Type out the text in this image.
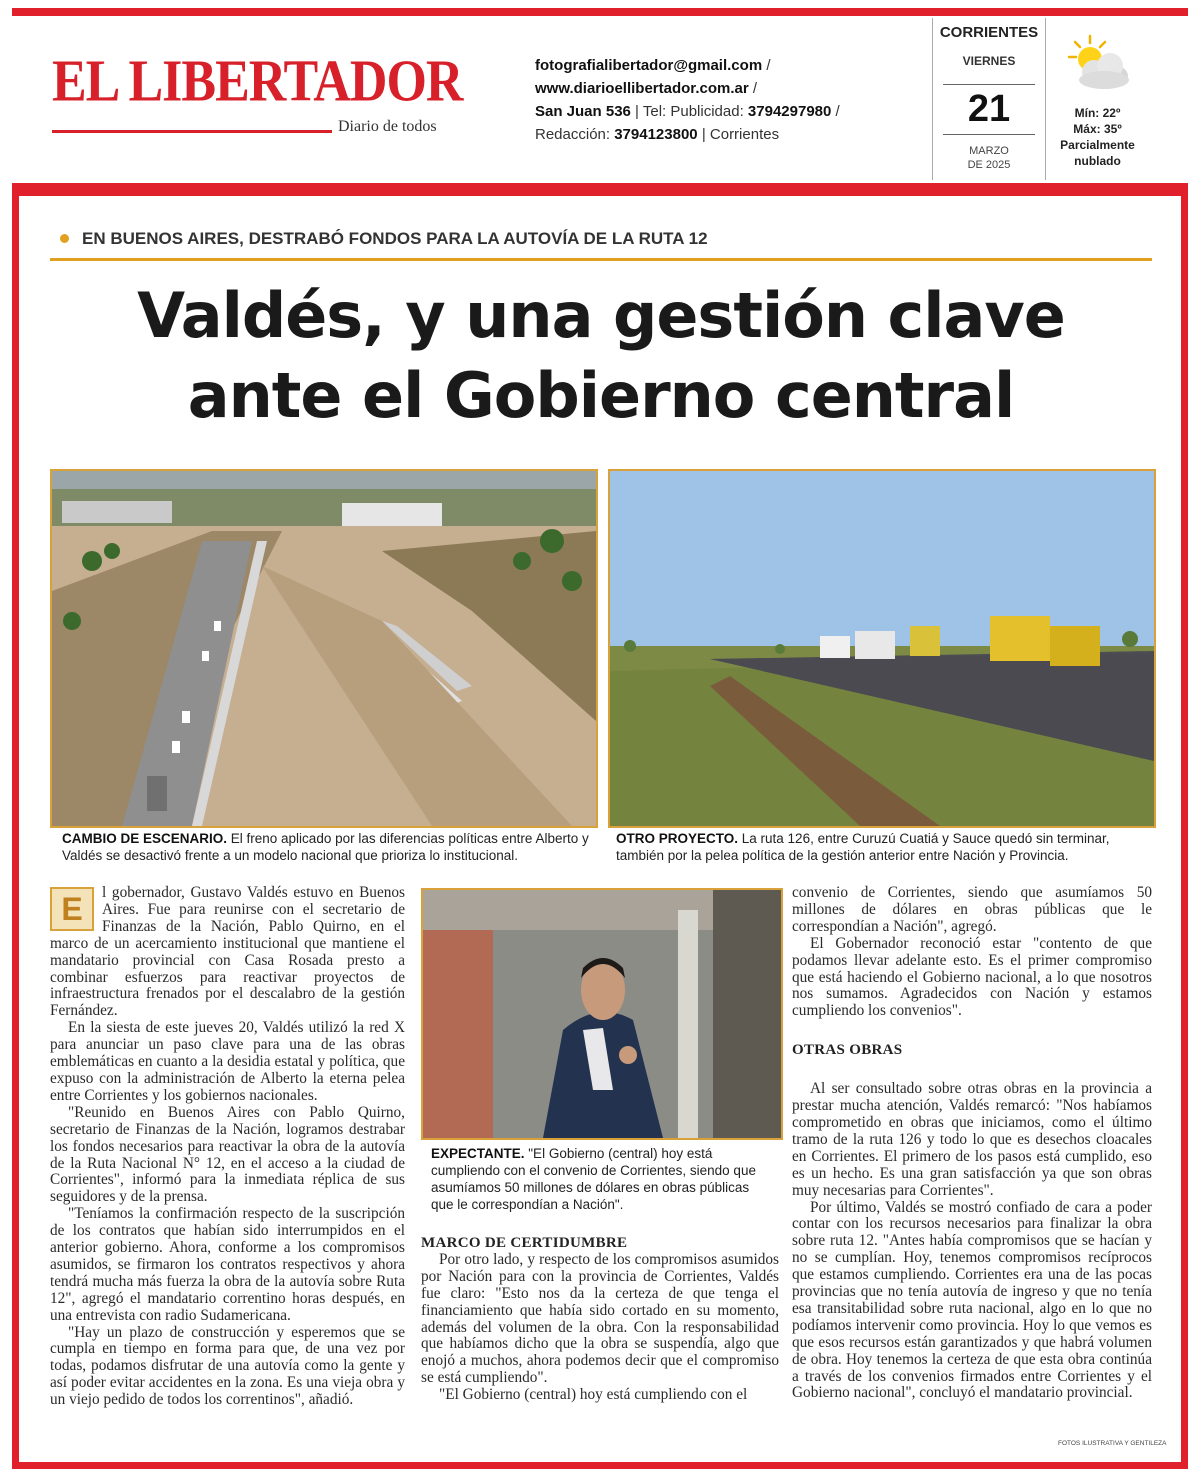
EL LIBERTADOR
Diario de todos
fotografialibertador@gmail.com /
www.diarioellibertador.com.ar /
San Juan 536 | Tel: Publicidad: 3794297980 /
Redacción: 3794123800 | Corrientes
CORRIENTES
VIERNES
21
MARZO
DE 2025
Mín: 22º
Máx: 35º
Parcialmente
nublado
EN BUENOS AIRES, DESTRABÓ FONDOS PARA LA AUTOVÍA DE LA RUTA 12
Valdés, y una gestión clave
ante el Gobierno central
CAMBIO DE ESCENARIO. El freno aplicado por las diferencias políticas entre Alberto y Valdés se desactivó frente a un modelo nacional que prioriza lo institucional.
OTRO PROYECTO. La ruta 126, entre Curuzú Cuatiá y Sauce quedó sin terminar, también por la pelea política de la gestión anterior entre Nación y Provincia.
EXPECTANTE. "El Gobierno (central) hoy está cumpliendo con el convenio de Corrientes, siendo que asumíamos 50 millones de dólares en obras públicas que le correspondían a Nación".

E	l gobernador, Gustavo Valdés estuvo en Buenos Aires. Fue para reunirse con el secretario de Finanzas de la Nación, Pablo Quirno, en el marco de un acercamiento institucional que mantiene el mandatario provincial con Casa Rosada presto a combinar esfuerzos para reactivar proyectos de infraestructura frenados por el descalabro de la gestión Fernández.

En la siesta de este jueves 20, Valdés utilizó la red X para anunciar un paso clave para una de las obras emblemáticas en cuanto a la desidia estatal y política, que expuso con la administración de Alberto la eterna pelea entre Corrientes y los gobiernos nacionales.

"Reunido en Buenos Aires con Pablo Quirno, secretario de Finanzas de la Nación, logramos destrabar los fondos necesarios para reactivar la obra de la autovía de la Ruta Nacional N° 12, en el acceso a la ciudad de Corrientes", informó para la inmediata réplica de sus seguidores y de la prensa.

"Teníamos la confirmación respecto de la suscripción de los contratos que habían sido interrumpidos en el anterior gobierno. Ahora, conforme a los compromisos asumidos, se firmaron los contratos respectivos y ahora tendrá mucha más fuerza la obra de la autovía sobre Ruta 12", agregó el mandatario correntino horas después, en una entrevista con radio Sudamericana.

"Hay un plazo de construcción y esperemos que se cumpla en tiempo en forma para que, de una vez por todas, podamos disfrutar de una autovía como la gente y así poder evitar accidentes en la zona. Es una vieja obra y un viejo pedido de todos los correntinos", añadió.

MARCO DE CERTIDUMBRE

Por otro lado, y respecto de los compromisos asumidos por Nación para con la provincia de Corrientes, Valdés fue claro: "Esto nos da la certeza de que tenga el financiamiento que había sido cortado en su momento, además del volumen de la obra. Con la responsabilidad que habíamos dicho que la obra se suspendía, algo que enojó a muchos, ahora podemos decir que el compromiso se está cumpliendo".

"El Gobierno (central) hoy está cumpliendo con el

convenio de Corrientes, siendo que asumíamos 50 millones de dólares en obras públicas que le correspondían a Nación", agregó.

El Gobernador reconoció estar "contento de que podamos llevar adelante esto. Es el primer compromiso que está haciendo el Gobierno nacional, a lo que nosotros nos sumamos. Agradecidos con Nación y estamos cumpliendo los convenios".

OTRAS OBRAS

Al ser consultado sobre otras obras en la provincia a prestar mucha atención, Valdés remarcó: "Nos habíamos comprometido en obras que iniciamos, como el último tramo de la ruta 126 y todo lo que es desechos cloacales en Corrientes. El primero de los pasos está cumplido, eso es un hecho. Es una gran satisfacción ya que son obras muy necesarias para Corrientes".

Por último, Valdés se mostró confiado de cara a poder contar con los recursos necesarios para finalizar la obra sobre ruta 12. "Antes había compromisos que se hacían y no se cumplían. Hoy, tenemos compromisos recíprocos que estamos cumpliendo. Corrientes era una de las pocas provincias que no tenía autovía de ingreso y que no tenía esa transitabilidad sobre ruta nacional, algo en lo que no podíamos intervenir como provincia. Hoy lo que vemos es que esos recursos están garantizados y que habrá volumen de obra. Hoy tenemos la certeza de que esta obra continúa a través de los convenios firmados entre Corrientes y el Gobierno nacional", concluyó el mandatario provincial.

FOTOS ILUSTRATIVA Y GENTILEZA
